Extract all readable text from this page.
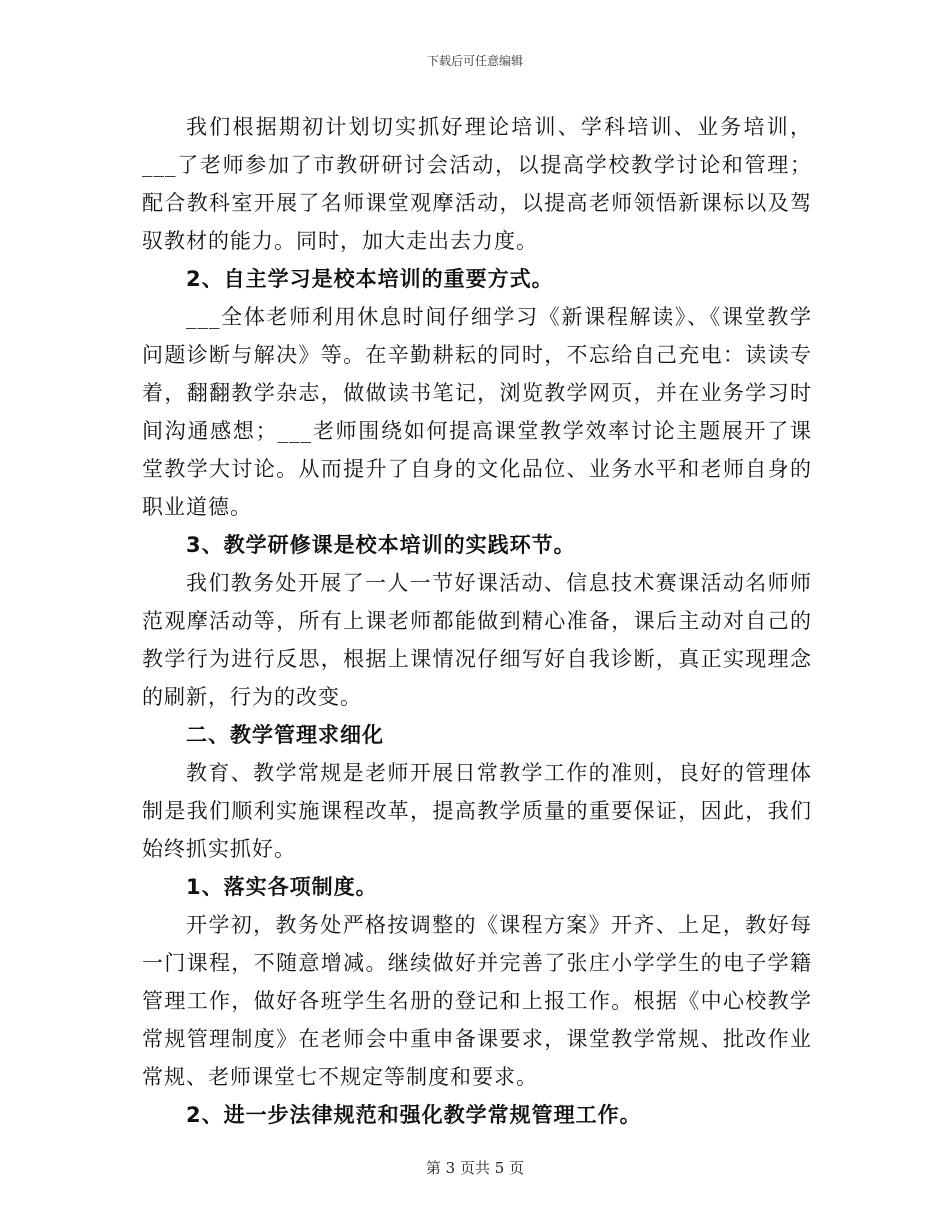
下载后可任意编辑

我们根据期初计划切实抓好理论培训、学科培训、业务培训，___了老师参加了市教研研讨会活动，以提高学校教学讨论和管理；配合教科室开展了名师课堂观摩活动，以提高老师领悟新课标以及驾驭教材的能力。同时，加大走出去力度。

2、自主学习是校本培训的重要方式。

___全体老师利用休息时间仔细学习《新课程解读》、《课堂教学问题诊断与解决》等。在辛勤耕耘的同时，不忘给自己充电：读读专着，翻翻教学杂志，做做读书笔记，浏览教学网页，并在业务学习时间沟通感想；___老师围绕如何提高课堂教学效率讨论主题展开了课堂教学大讨论。从而提升了自身的文化品位、业务水平和老师自身的职业道德。

3、教学研修课是校本培训的实践环节。

我们教务处开展了一人一节好课活动、信息技术赛课活动名师师范观摩活动等，所有上课老师都能做到精心准备，课后主动对自己的教学行为进行反思，根据上课情况仔细写好自我诊断，真正实现理念的刷新，行为的改变。

二、教学管理求细化

教育、教学常规是老师开展日常教学工作的准则，良好的管理体制是我们顺利实施课程改革，提高教学质量的重要保证，因此，我们始终抓实抓好。

1、落实各项制度。

开学初，教务处严格按调整的《课程方案》开齐、上足，教好每一门课程，不随意增减。继续做好并完善了张庄小学学生的电子学籍管理工作，做好各班学生名册的登记和上报工作。根据《中心校教学常规管理制度》在老师会中重申备课要求，课堂教学常规、批改作业常规、老师课堂七不规定等制度和要求。

2、进一步法律规范和强化教学常规管理工作。

第 3 页共 5 页
